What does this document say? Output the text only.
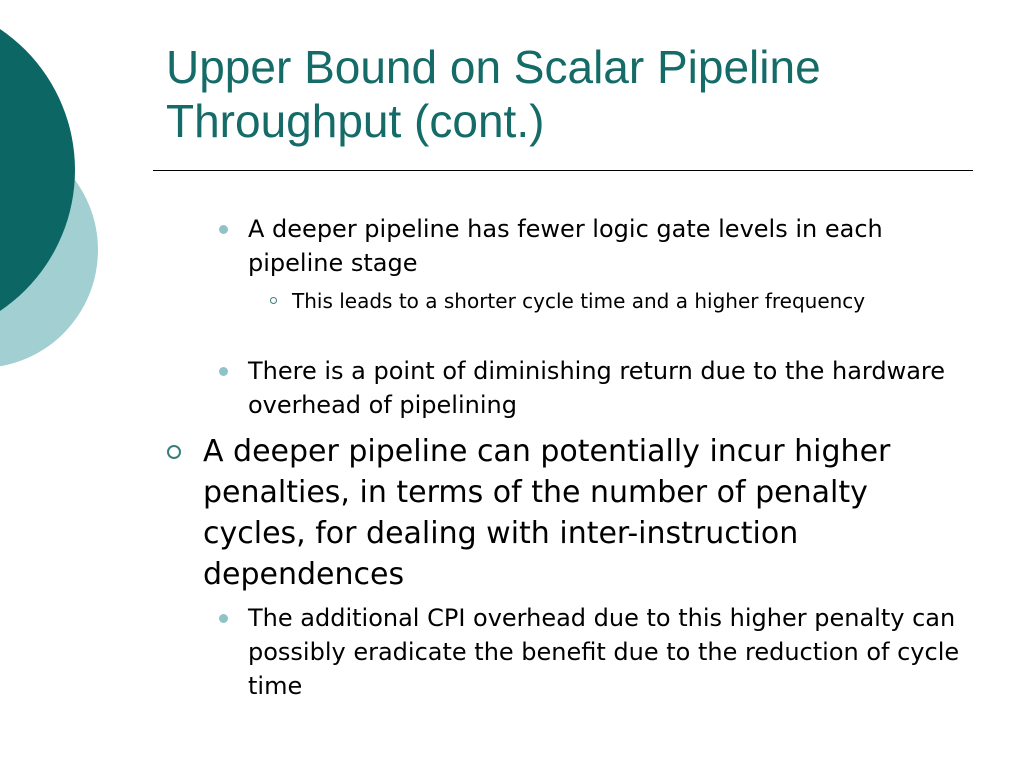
Upper Bound on Scalar Pipeline
Throughput (cont.)
A deeper pipeline has fewer logic gate levels in each pipeline stage
This leads to a shorter cycle time and a higher frequency
There is a point of diminishing return due to the hardware overhead of pipelining
A deeper pipeline can potentially incur higher penalties, in terms of the number of penalty cycles, for dealing with inter-instruction dependences
The additional CPI overhead due to this higher penalty can possibly eradicate the benefit due to the reduction of cycle time
